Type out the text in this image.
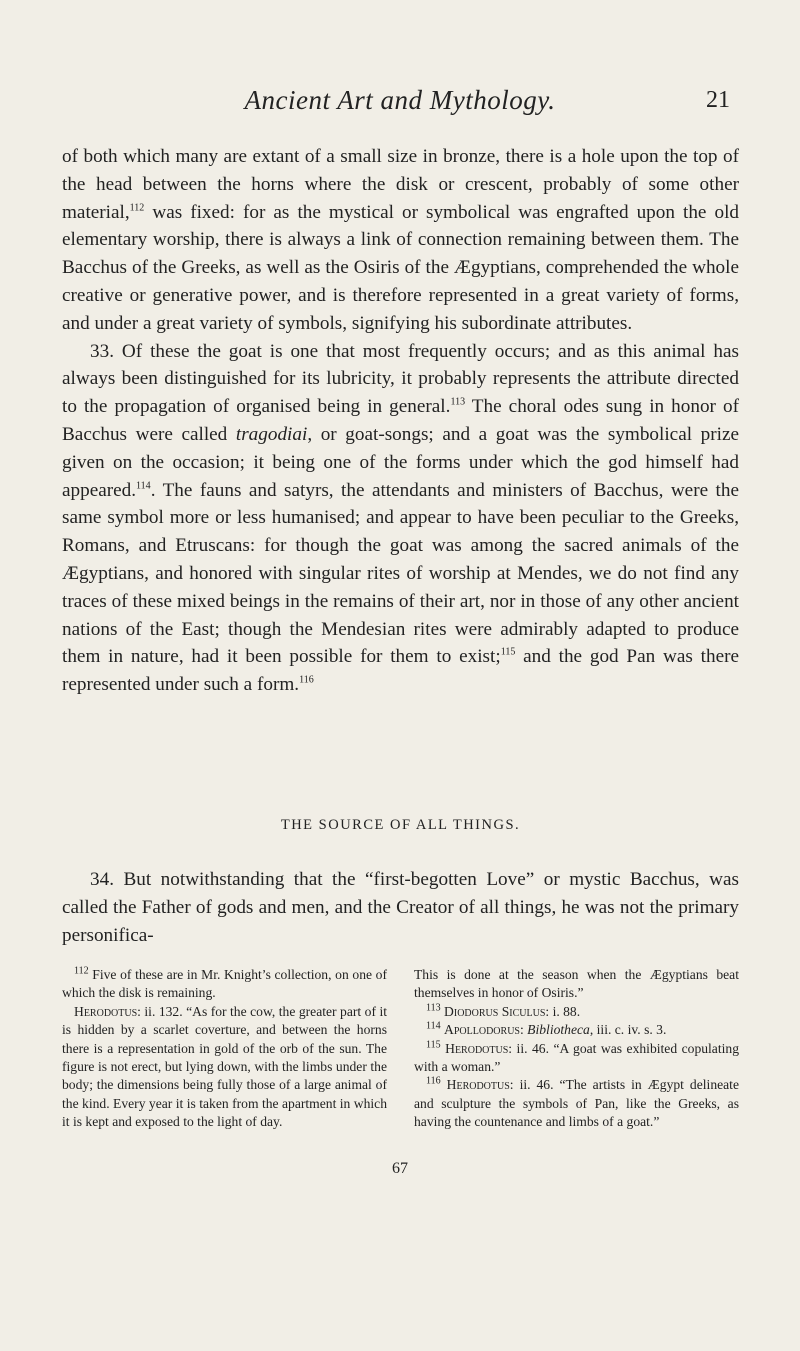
Ancient Art and Mythology.	21

of both which many are extant of a small size in bronze, there is a hole upon the top of the head between the horns where the disk or crescent, probably of some other material,$^{112}$ was fixed: for as the mystical or symbolical was engrafted upon the old elementary worship, there is always a link of connection remaining between them. The Bacchus of the Greeks, as well as the Osiris of the Ægyptians, comprehended the whole creative or generative power, and is therefore represented in a great variety of forms, and under a great variety of symbols, signifying his subordinate attributes.

33. Of these the goat is one that most frequently occurs; and as this animal has always been distinguished for its lubricity, it probably represents the attribute directed to the propagation of organised being in general.$^{113}$ The choral odes sung in honor of Bacchus were called tragodiai, or goat-songs; and a goat was the symbolical prize given on the occasion; it being one of the forms under which the god himself had appeared.$^{114}$. The fauns and satyrs, the attendants and ministers of Bacchus, were the same symbol more or less humanised; and appear to have been peculiar to the Greeks, Romans, and Etruscans: for though the goat was among the sacred animals of the Ægyptians, and honored with singular rites of worship at Mendes, we do not find any traces of these mixed beings in the remains of their art, nor in those of any other ancient nations of the East; though the Mendesian rites were admirably adapted to produce them in nature, had it been possible for them to exist;$^{115}$ and the god Pan was there represented under such a form.$^{116}$

THE SOURCE OF ALL THINGS.

34. But notwithstanding that the “first-begotten Love” or mystic Bacchus, was called the Father of gods and men, and the Creator of all things, he was not the primary personifica-

$^{112}$ Five of these are in Mr. Knight’s collection, on one of which the disk is remaining.

Herodotus: ii. 132. “As for the cow, the greater part of it is hidden by a scarlet coverture, and between the horns there is a representation in gold of the orb of the sun. The figure is not erect, but lying down, with the limbs under the body; the dimensions being fully those of a large animal of the kind. Every year it is taken from the apartment in which it is kept and exposed to the light of day.

This is done at the season when the Ægyptians beat themselves in honor of Osiris.”

$^{113}$ Diodorus Siculus: i. 88.

$^{114}$ Apollodorus: Bibliotheca, iii. c. iv. s. 3.

$^{115}$ Herodotus: ii. 46. “A goat was exhibited copulating with a woman.”

$^{116}$ Herodotus: ii. 46. “The artists in Ægypt delineate and sculpture the symbols of Pan, like the Greeks, as having the countenance and limbs of a goat.”

67
